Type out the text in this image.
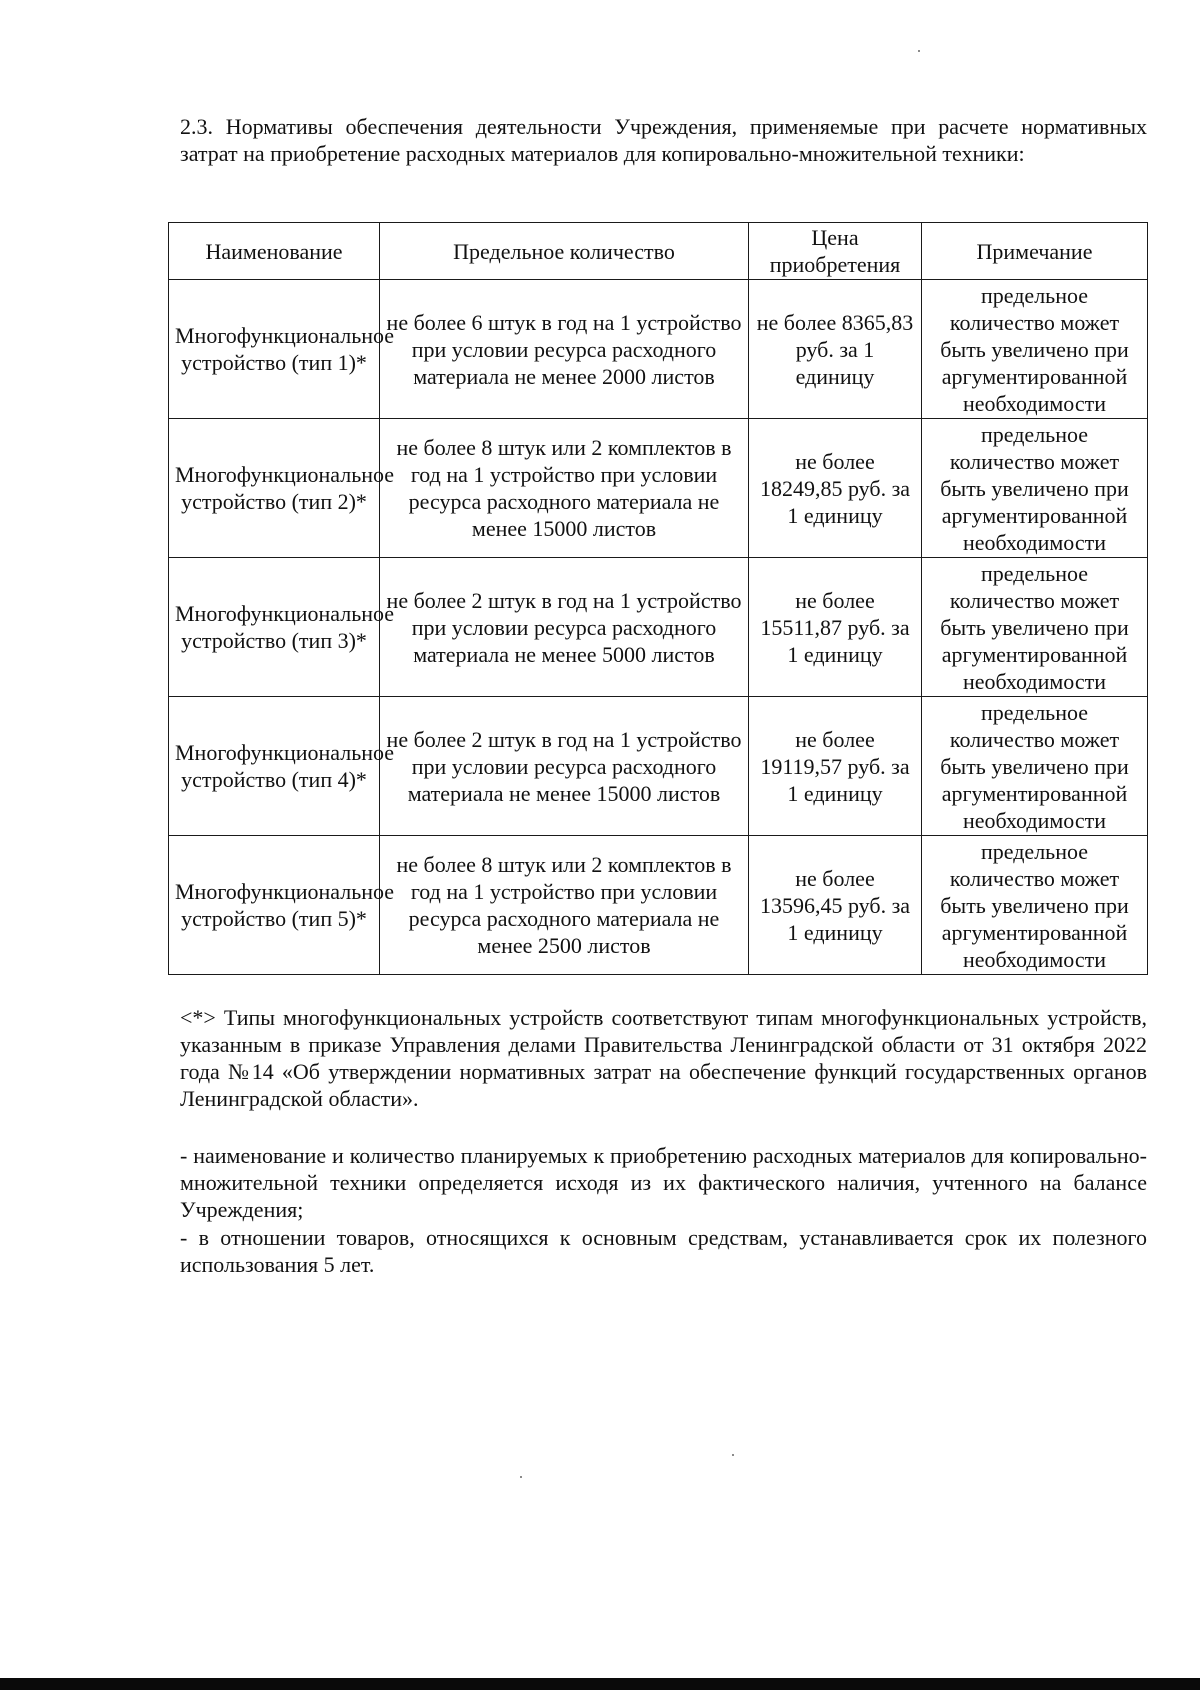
2.3. Нормативы обеспечения деятельности Учреждения, применяемые при расчете нормативных затрат на приобретение расходных материалов для копировально-множительной техники:

Наименование	Предельное количество	Цена приобретения	Примечание
Многофункциональное устройство (тип 1)*	не более 6 штук в год на 1 устройство при условии ресурса расходного материала не менее 2000 листов	не более 8365,83 руб. за 1 единицу	предельное количество может быть увеличено при аргументированной необходимости
Многофункциональное устройство (тип 2)*	не более 8 штук или 2 комплектов в год на 1 устройство при условии ресурса расходного материала не менее 15000 листов	не более 18249,85 руб. за 1 единицу	предельное количество может быть увеличено при аргументированной необходимости
Многофункциональное устройство (тип 3)*	не более 2 штук в год на 1 устройство при условии ресурса расходного материала не менее 5000 листов	не более 15511,87 руб. за 1 единицу	предельное количество может быть увеличено при аргументированной необходимости
Многофункциональное устройство (тип 4)*	не более 2 штук в год на 1 устройство при условии ресурса расходного материала не менее 15000 листов	не более 19119,57 руб. за 1 единицу	предельное количество может быть увеличено при аргументированной необходимости
Многофункциональное устройство (тип 5)*	не более 8 штук или 2 комплектов в год на 1 устройство при условии ресурса расходного материала не менее 2500 листов	не более 13596,45 руб. за 1 единицу	предельное количество может быть увеличено при аргументированной необходимости

<*> Типы многофункциональных устройств соответствуют типам многофункциональных устройств, указанным в приказе Управления делами Правительства Ленинградской области от 31 октября 2022 года №14 «Об утверждении нормативных затрат на обеспечение функций государственных органов Ленинградской области».

- наименование и количество планируемых к приобретению расходных материалов для копировально-множительной техники определяется исходя из их фактического наличия, учтенного на балансе Учреждения;

- в отношении товаров, относящихся к основным средствам, устанавливается срок их полезного использования 5 лет.
